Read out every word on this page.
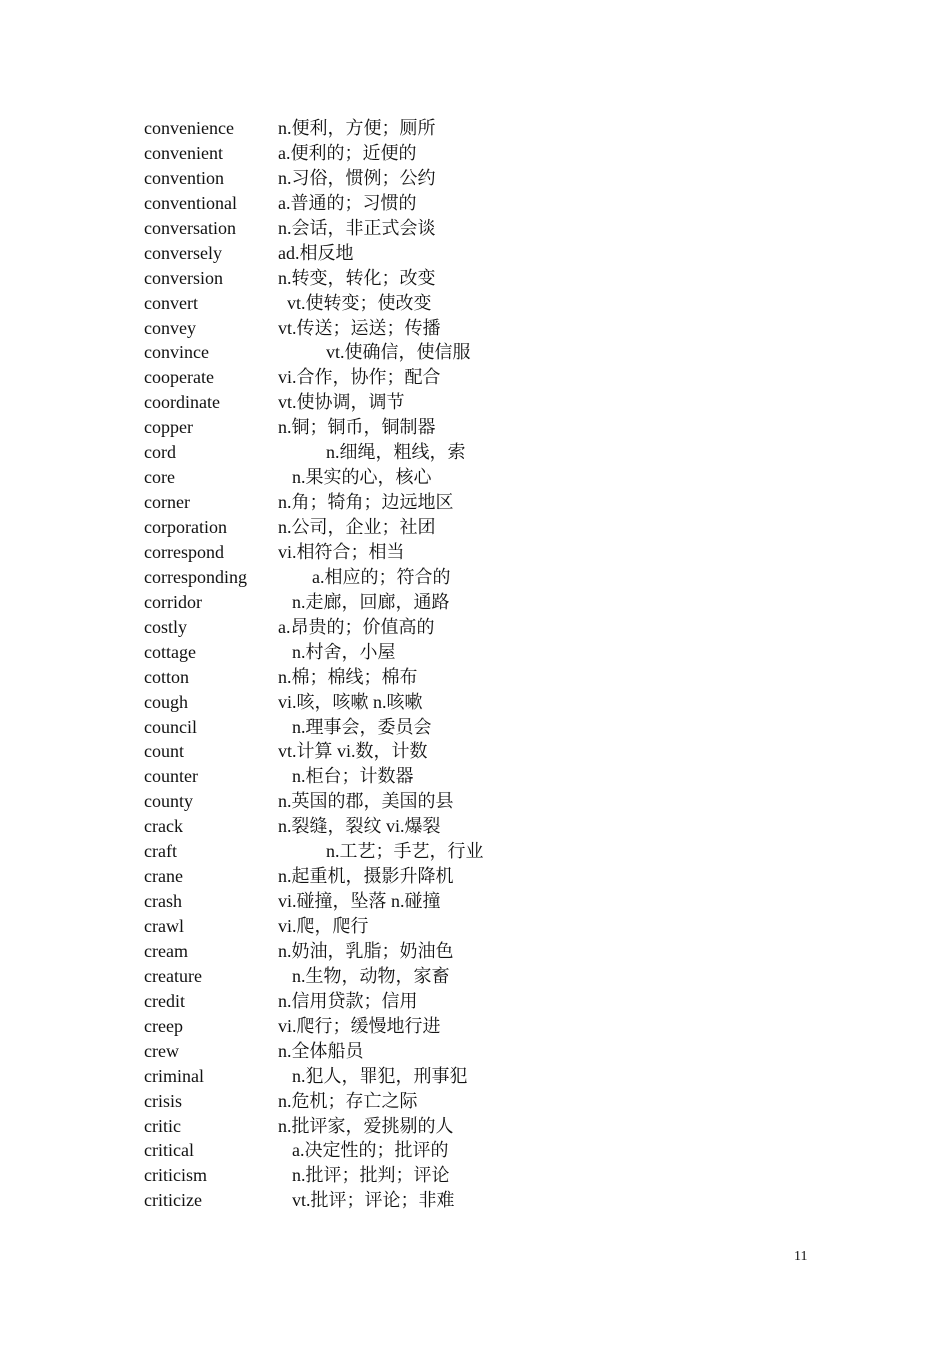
convenience n.便利，方便；厕所
convenient	a.便利的；近便的
convention	n.习俗，惯例；公约
conventional a.普通的；习惯的
conversation n.会话，非正式会谈
conversely	ad.相反地
conversion	n.转变，转化；改变
convert	vt.使转变；使改变
convey	vt.传送；运送；传播
convince	vt.使确信，使信服
cooperate	vi.合作，协作；配合
coordinate	vt.使协调，调节
copper	n.铜；铜币，铜制器
cord	n.细绳，粗线，索
core	n.果实的心，核心
corner	n.角；犄角；边远地区
corporation	n.公司，企业；社团
correspond	vi.相符合；相当
corresponding	a.相应的；符合的
corridor	n.走廊，回廊，通路
costly	a.昂贵的；价值高的
cottage	n.村舍，小屋
cotton	n.棉；棉线；棉布
cough	vi.咳，咳嗽 n.咳嗽
council	n.理事会，委员会
count	vt.计算 vi.数，计数
counter	n.柜台；计数器
county	n.英国的郡，美国的县
crack	n.裂缝，裂纹 vi.爆裂
craft	n.工艺；手艺，行业
crane	n.起重机，摄影升降机
crash	vi.碰撞，坠落 n.碰撞
crawl	vi.爬，爬行
cream	n.奶油，乳脂；奶油色
creature	n.生物，动物，家畜
credit	n.信用贷款；信用
creep	vi.爬行；缓慢地行进
crew	n.全体船员
criminal	n.犯人，罪犯，刑事犯
crisis	n.危机；存亡之际
critic	n.批评家，爱挑剔的人
critical	a.决定性的；批评的
criticism	n.批评；批判；评论
criticize	vt.批评；评论；非难
11
